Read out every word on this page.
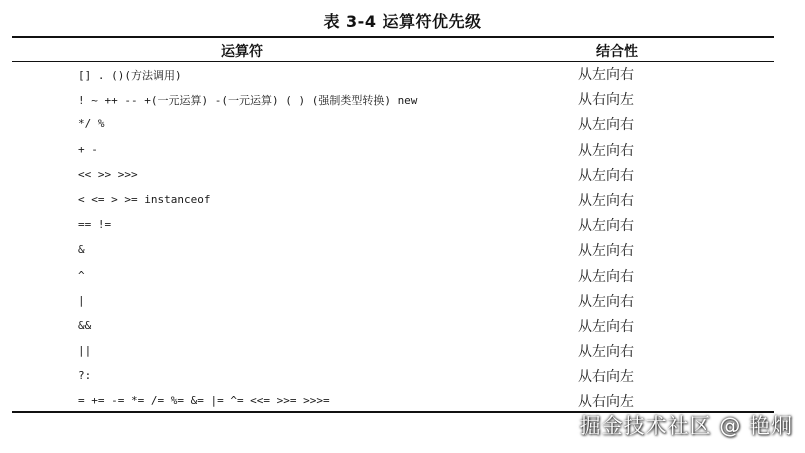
表 3-4 运算符优先级
运算符	结合性
[] . ()(方法调用)	从左向右
! ~ ++ -- +(一元运算) -(一元运算) ( ) (强制类型转换) new	从右向左
*/ %	从左向右
+ -	从左向右
<< >> >>>	从左向右
< <= > >= instanceof	从左向右
== !=	从左向右
&	从左向右
^	从左向右
|	从左向右
&&	从左向右
||	从左向右
?:	从右向左
= += -= *= /= %= &= |= ^= <<= >>= >>>=	从右向左
掘金技术社区 @ 艳炯
